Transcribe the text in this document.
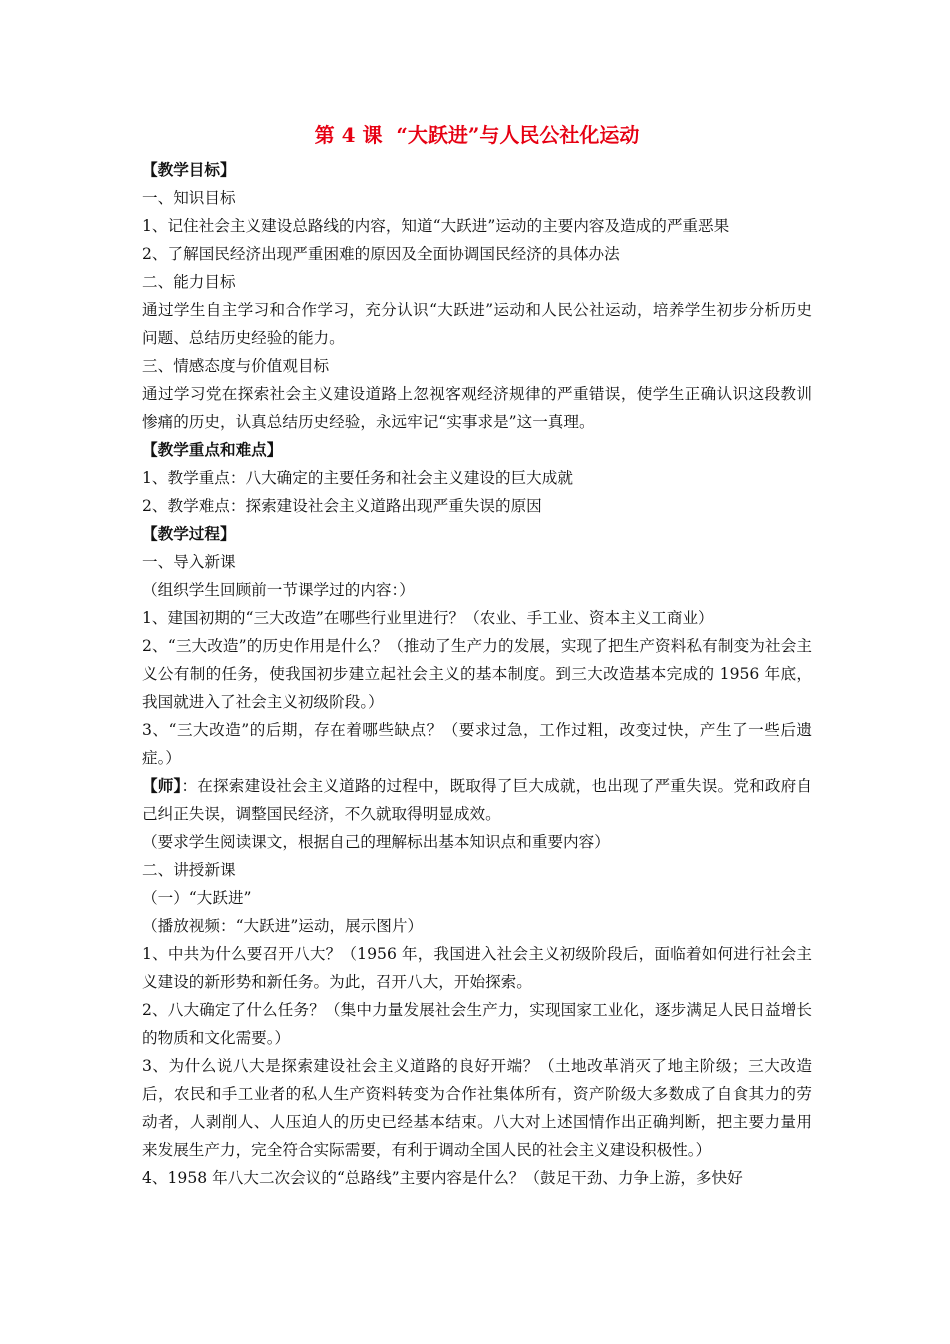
第 4 课  “大跃进”与人民公社化运动
【教学目标】
一、知识目标
1、记住社会主义建设总路线的内容，知道“大跃进”运动的主要内容及造成的严重恶果
2、了解国民经济出现严重困难的原因及全面协调国民经济的具体办法
二、能力目标

通过学生自主学习和合作学习，充分认识“大跃进”运动和人民公社运动，培养学生初步分析历史问题、总结历史经验的能力。

三、情感态度与价值观目标

通过学习党在探索社会主义建设道路上忽视客观经济规律的严重错误，使学生正确认识这段教训惨痛的历史，认真总结历史经验，永远牢记“实事求是”这一真理。

【教学重点和难点】
1、教学重点：八大确定的主要任务和社会主义建设的巨大成就
2、教学难点：探索建设社会主义道路出现严重失误的原因
【教学过程】
一、导入新课
（组织学生回顾前一节课学过的内容：）
1、建国初期的“三大改造”在哪些行业里进行？（农业、手工业、资本主义工商业）

2、“三大改造”的历史作用是什么？（推动了生产力的发展，实现了把生产资料私有制变为社会主义公有制的任务，使我国初步建立起社会主义的基本制度。到三大改造基本完成的 1956 年底，我国就进入了社会主义初级阶段。）

3、“三大改造”的后期，存在着哪些缺点？（要求过急，工作过粗，改变过快，产生了一些后遗症。）

【师】：在探索建设社会主义道路的过程中，既取得了巨大成就，也出现了严重失误。党和政府自己纠正失误，调整国民经济，不久就取得明显成效。

（要求学生阅读课文，根据自己的理解标出基本知识点和重要内容）
二、讲授新课
（一）“大跃进”
（播放视频：“大跃进”运动，展示图片）

1、中共为什么要召开八大？（1956 年，我国进入社会主义初级阶段后，面临着如何进行社会主义建设的新形势和新任务。为此，召开八大，开始探索。

2、八大确定了什么任务？（集中力量发展社会生产力，实现国家工业化，逐步满足人民日益增长的物质和文化需要。）

3、为什么说八大是探索建设社会主义道路的良好开端？（土地改革消灭了地主阶级；三大改造后，农民和手工业者的私人生产资料转变为合作社集体所有，资产阶级大多数成了自食其力的劳动者，人剥削人、人压迫人的历史已经基本结束。八大对上述国情作出正确判断，把主要力量用来发展生产力，完全符合实际需要，有利于调动全国人民的社会主义建设积极性。）

4、1958 年八大二次会议的“总路线”主要内容是什么？（鼓足干劲、力争上游，多快好
